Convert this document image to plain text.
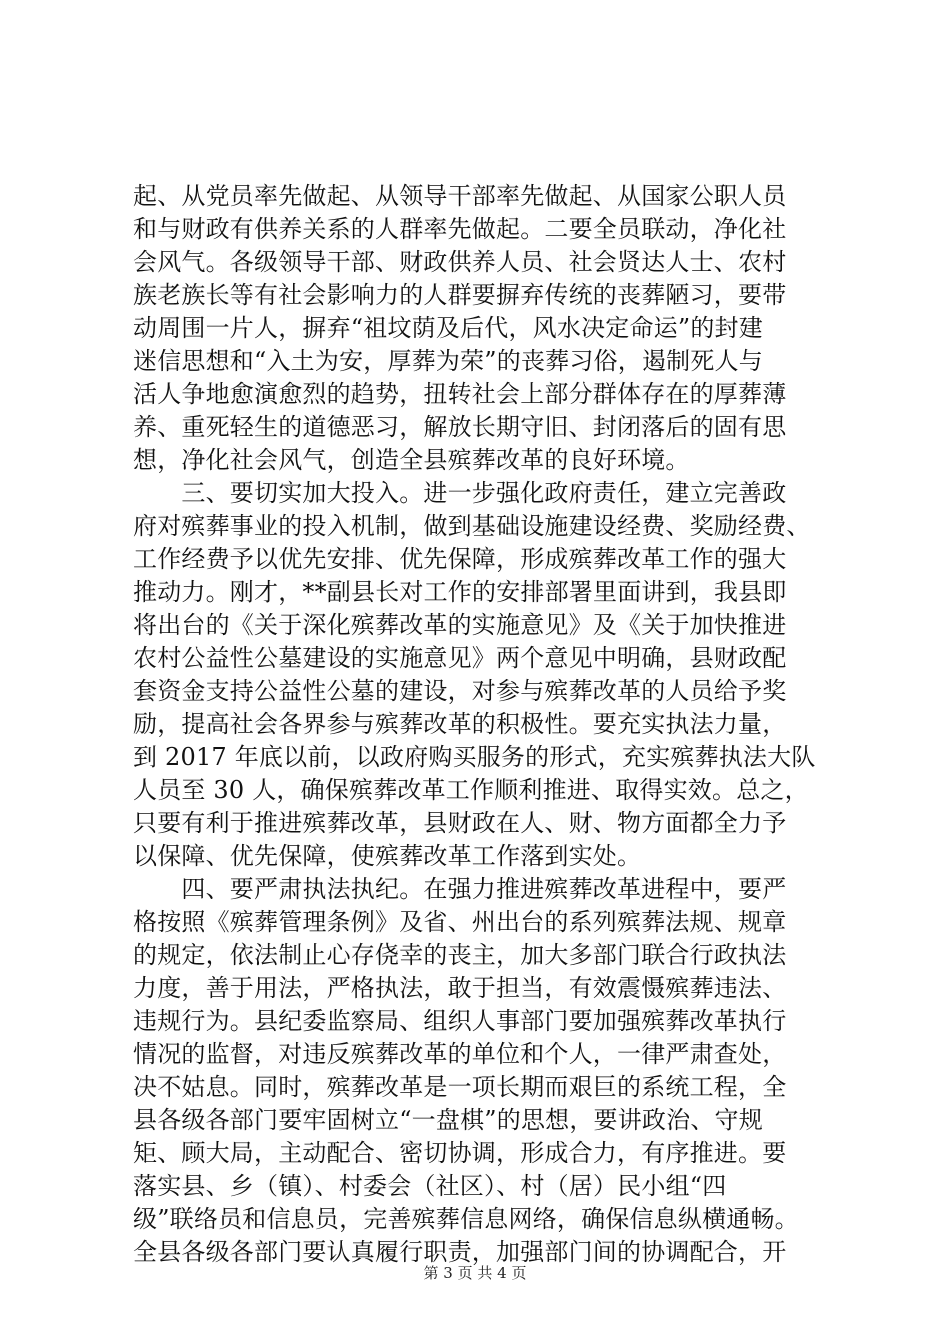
起、从党员率先做起、从领导干部率先做起、从国家公职人员
和与财政有供养关系的人群率先做起。二要全员联动，净化社
会风气。各级领导干部、财政供养人员、社会贤达人士、农村
族老族长等有社会影响力的人群要摒弃传统的丧葬陋习，要带
动周围一片人，摒弃“祖坟荫及后代，风水决定命运”的封建
迷信思想和“入土为安，厚葬为荣”的丧葬习俗，遏制死人与
活人争地愈演愈烈的趋势，扭转社会上部分群体存在的厚葬薄
养、重死轻生的道德恶习，解放长期守旧、封闭落后的固有思
想，净化社会风气，创造全县殡葬改革的良好环境。
　　三、要切实加大投入。进一步强化政府责任，建立完善政
府对殡葬事业的投入机制，做到基础设施建设经费、奖励经费、
工作经费予以优先安排、优先保障，形成殡葬改革工作的强大
推动力。刚才，**副县长对工作的安排部署里面讲到，我县即
将出台的《关于深化殡葬改革的实施意见》及《关于加快推进
农村公益性公墓建设的实施意见》两个意见中明确，县财政配
套资金支持公益性公墓的建设，对参与殡葬改革的人员给予奖
励，提高社会各界参与殡葬改革的积极性。要充实执法力量，
到 2017 年底以前，以政府购买服务的形式，充实殡葬执法大队
人员至 30 人，确保殡葬改革工作顺利推进、取得实效。总之，
只要有利于推进殡葬改革，县财政在人、财、物方面都全力予
以保障、优先保障，使殡葬改革工作落到实处。
　　四、要严肃执法执纪。在强力推进殡葬改革进程中，要严
格按照《殡葬管理条例》及省、州出台的系列殡葬法规、规章
的规定，依法制止心存侥幸的丧主，加大多部门联合行政执法
力度，善于用法，严格执法，敢于担当，有效震慑殡葬违法、
违规行为。县纪委监察局、组织人事部门要加强殡葬改革执行
情况的监督，对违反殡葬改革的单位和个人，一律严肃查处，
决不姑息。同时，殡葬改革是一项长期而艰巨的系统工程，全
县各级各部门要牢固树立“一盘棋”的思想，要讲政治、守规
矩、顾大局，主动配合、密切协调，形成合力，有序推进。要
落实县、乡（镇）、村委会（社区）、村（居）民小组“四
级”联络员和信息员，完善殡葬信息网络，确保信息纵横通畅。
全县各级各部门要认真履行职责，加强部门间的协调配合，开
第 3 页 共 4 页
